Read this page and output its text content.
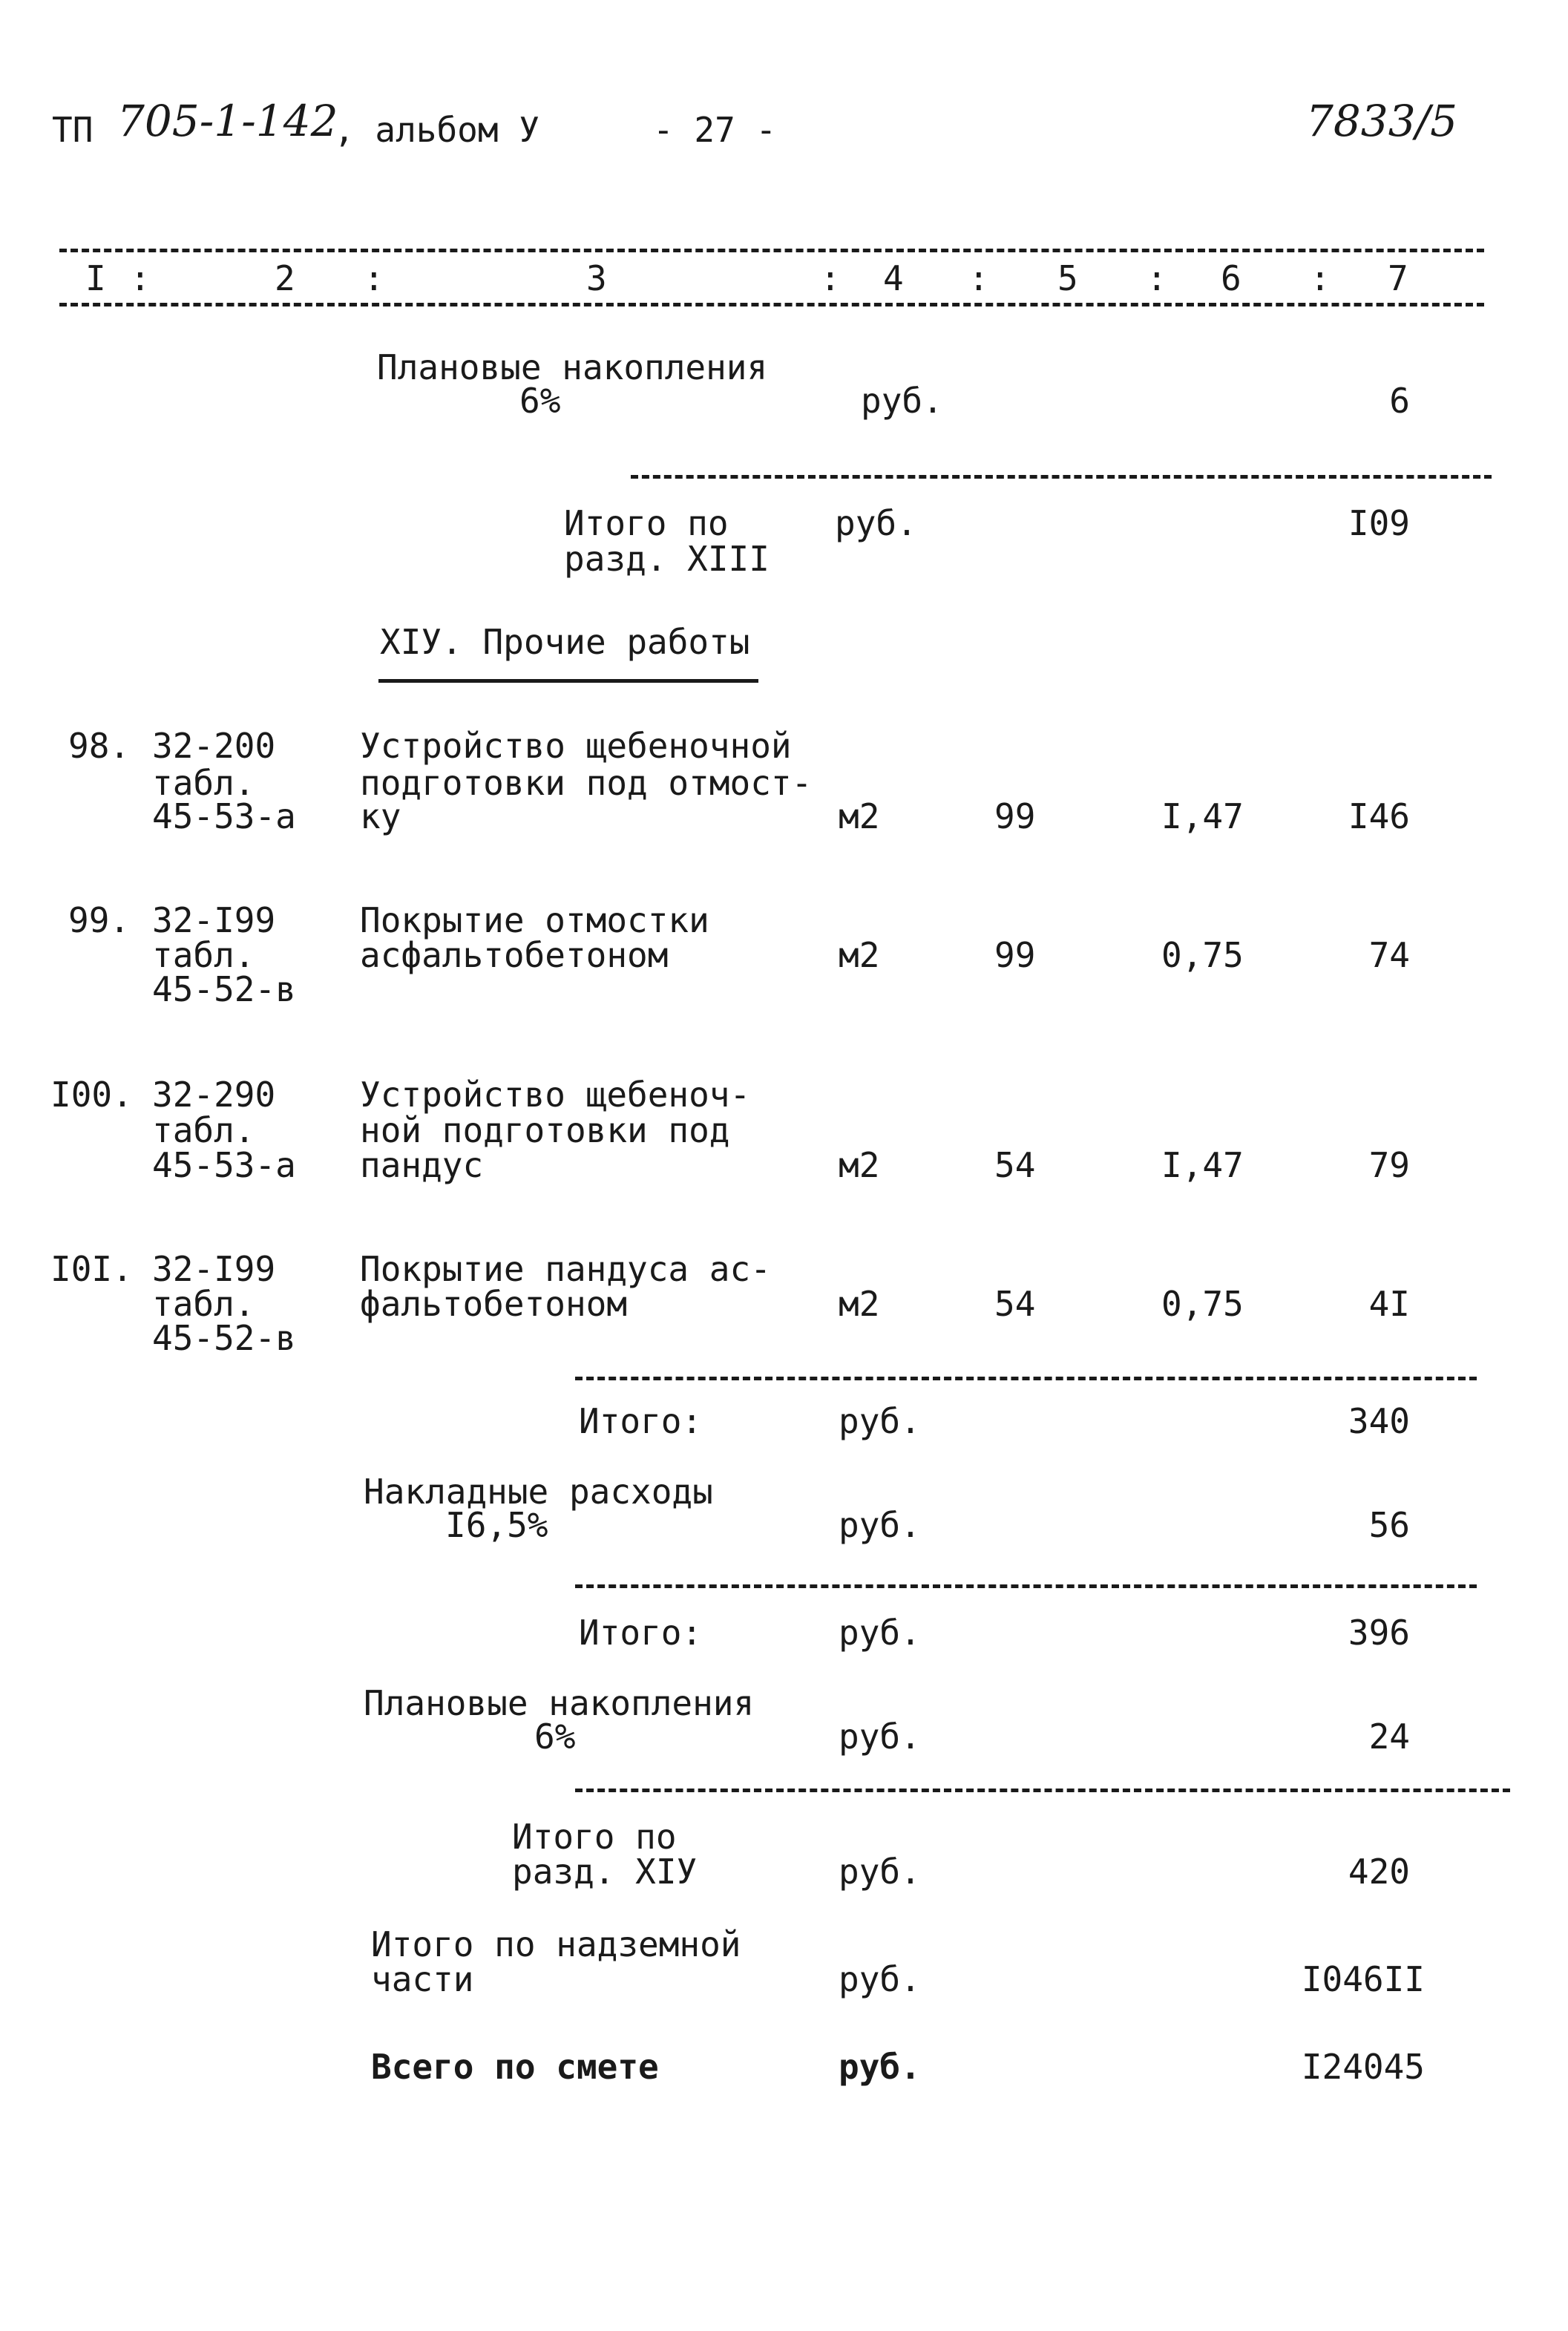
ТП 705-1-142
, альбом У	- 27 -	7833/5
I :	2 :	3	: 4 : 5 : 6 : 7
Плановые накопления
6%	руб.	6
Итого по
разд. XIII
руб.	I09
XIУ. Прочие работы
98. 32-200
табл.
45-53-а
Устройство щебеночной
подготовки под отмост-
ку	м2	99	I,47	I46
99. 32-I99
табл.
45-52-в
Покрытие отмостки
асфальтобетоном	м2	99	0,75	74
I00. 32-290
табл.
45-53-а
Устройство щебеноч-
ной подготовки под
пандус	м2	54	I,47	79
I0I. 32-I99
табл.
45-52-в
Покрытие пандуса ас-
фальтобетоном	м2	54	0,75	4I
Итого:	руб.	340
Накладные расходы
I6,5%	руб.	56
Итого:	руб.	396
Плановые накопления
6%	руб.	24
Итого по
разд. XIУ	руб.	420
Итого по надземной
части	руб.	I046II
Всего по смете	руб.	I24045
